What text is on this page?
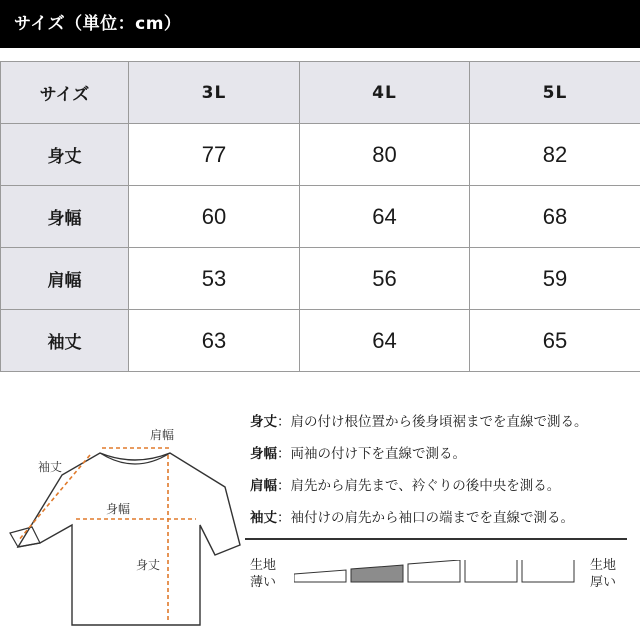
サイズ（単位：cm）
サイズ	3L	4L	5L
身丈	77	80	82
身幅	60	64	68
肩幅	53	56	59
袖丈	63	64	65
肩幅
袖丈
身幅
身丈
身丈 ：肩の付け根位置から後身頃裾までを直線で測る。
身幅 ：両袖の付け下を直線で測る。
肩幅 ：肩先から肩先まで、衿ぐりの後中央を測る。
袖丈 ：袖付けの肩先から袖口の端までを直線で測る。
生地
薄い
生地
厚い
